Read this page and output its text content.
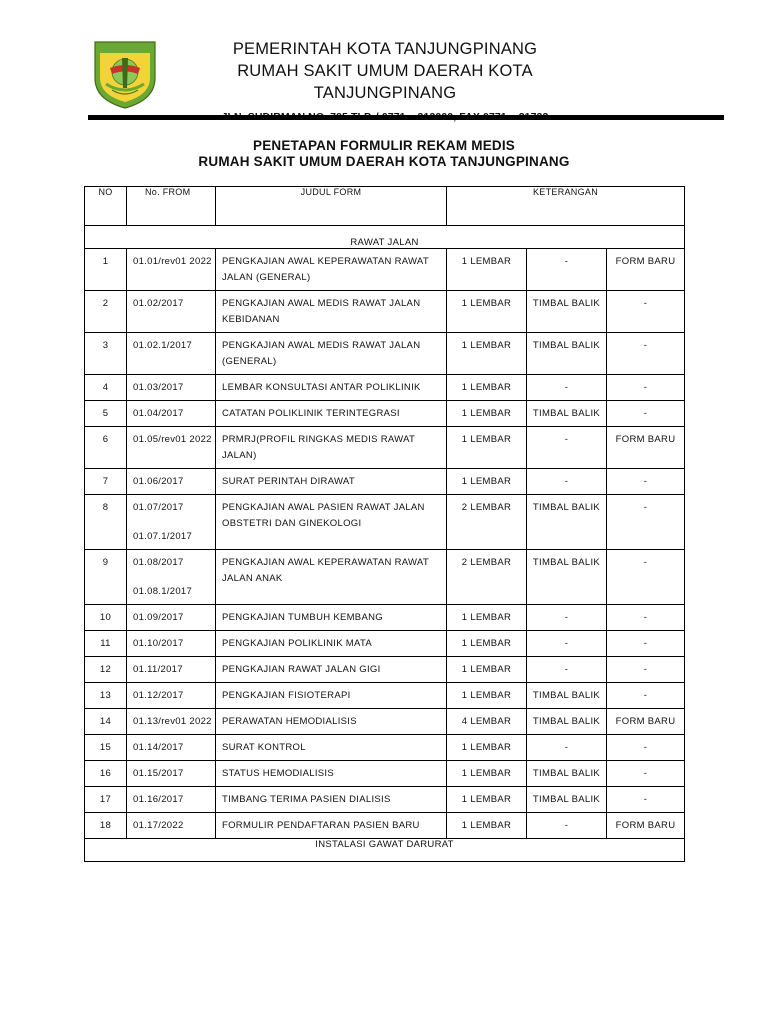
PEMERINTAH KOTA TANJUNGPINANG
RUMAH SAKIT UMUM DAERAH KOTA TANJUNGPINANG
PENETAPAN FORMULIR REKAM MEDIS
RUMAH SAKIT UMUM DAERAH KOTA TANJUNGPINANG
NO	No. FROM	JUDUL FORM	KETERANGAN		
RAWAT JALAN					

1	01.01/rev01 2022	PENGKAJIAN AWAL KEPERAWATAN RAWAT JALAN (GENERAL)	1 LEMBAR	-	FORM BARU

2	01.02/2017	PENGKAJIAN AWAL MEDIS RAWAT JALAN KEBIDANAN	1 LEMBAR	TIMBAL BALIK	-

3	01.02.1/2017	PENGKAJIAN AWAL MEDIS RAWAT JALAN (GENERAL)	1 LEMBAR	TIMBAL BALIK	-

4	01.03/2017	LEMBAR KONSULTASI ANTAR POLIKLINIK	1 LEMBAR	-	-

5	01.04/2017	CATATAN POLIKLINIK TERINTEGRASI	1 LEMBAR	TIMBAL BALIK	-

6	01.05/rev01 2022	PRMRJ(PROFIL RINGKAS MEDIS RAWAT JALAN)	1 LEMBAR	-	FORM BARU

7	01.06/2017	SURAT PERINTAH DIRAWAT	1 LEMBAR	-	-

8	01.07/2017
01.07.1/2017	PENGKAJIAN AWAL PASIEN RAWAT JALAN OBSTETRI DAN GINEKOLOGI	2 LEMBAR	TIMBAL BALIK	-

9	01.08/2017
01.08.1/2017	PENGKAJIAN AWAL KEPERAWATAN RAWAT JALAN ANAK	2 LEMBAR	TIMBAL BALIK	-

10	01.09/2017	PENGKAJIAN TUMBUH KEMBANG	1 LEMBAR	-	-

11	01.10/2017	PENGKAJIAN POLIKLINIK MATA	1 LEMBAR	-	-

12	01.11/2017	PENGKAJIAN RAWAT JALAN GIGI	1 LEMBAR	-	-

13	01.12/2017	PENGKAJIAN FISIOTERAPI	1 LEMBAR	TIMBAL BALIK	-

14	01.13/rev01 2022	PERAWATAN HEMODIALISIS	4 LEMBAR	TIMBAL BALIK	FORM BARU

15	01.14/2017	SURAT KONTROL	1 LEMBAR	-	-

16	01.15/2017	STATUS HEMODIALISIS	1 LEMBAR	TIMBAL BALIK	-

17	01.16/2017	TIMBANG TERIMA PASIEN DIALISIS	1 LEMBAR	TIMBAL BALIK	-

18	01.17/2022	FORMULIR PENDAFTARAN PASIEN BARU	1 LEMBAR	-	FORM BARU

INSTALASI GAWAT DARURAT					
